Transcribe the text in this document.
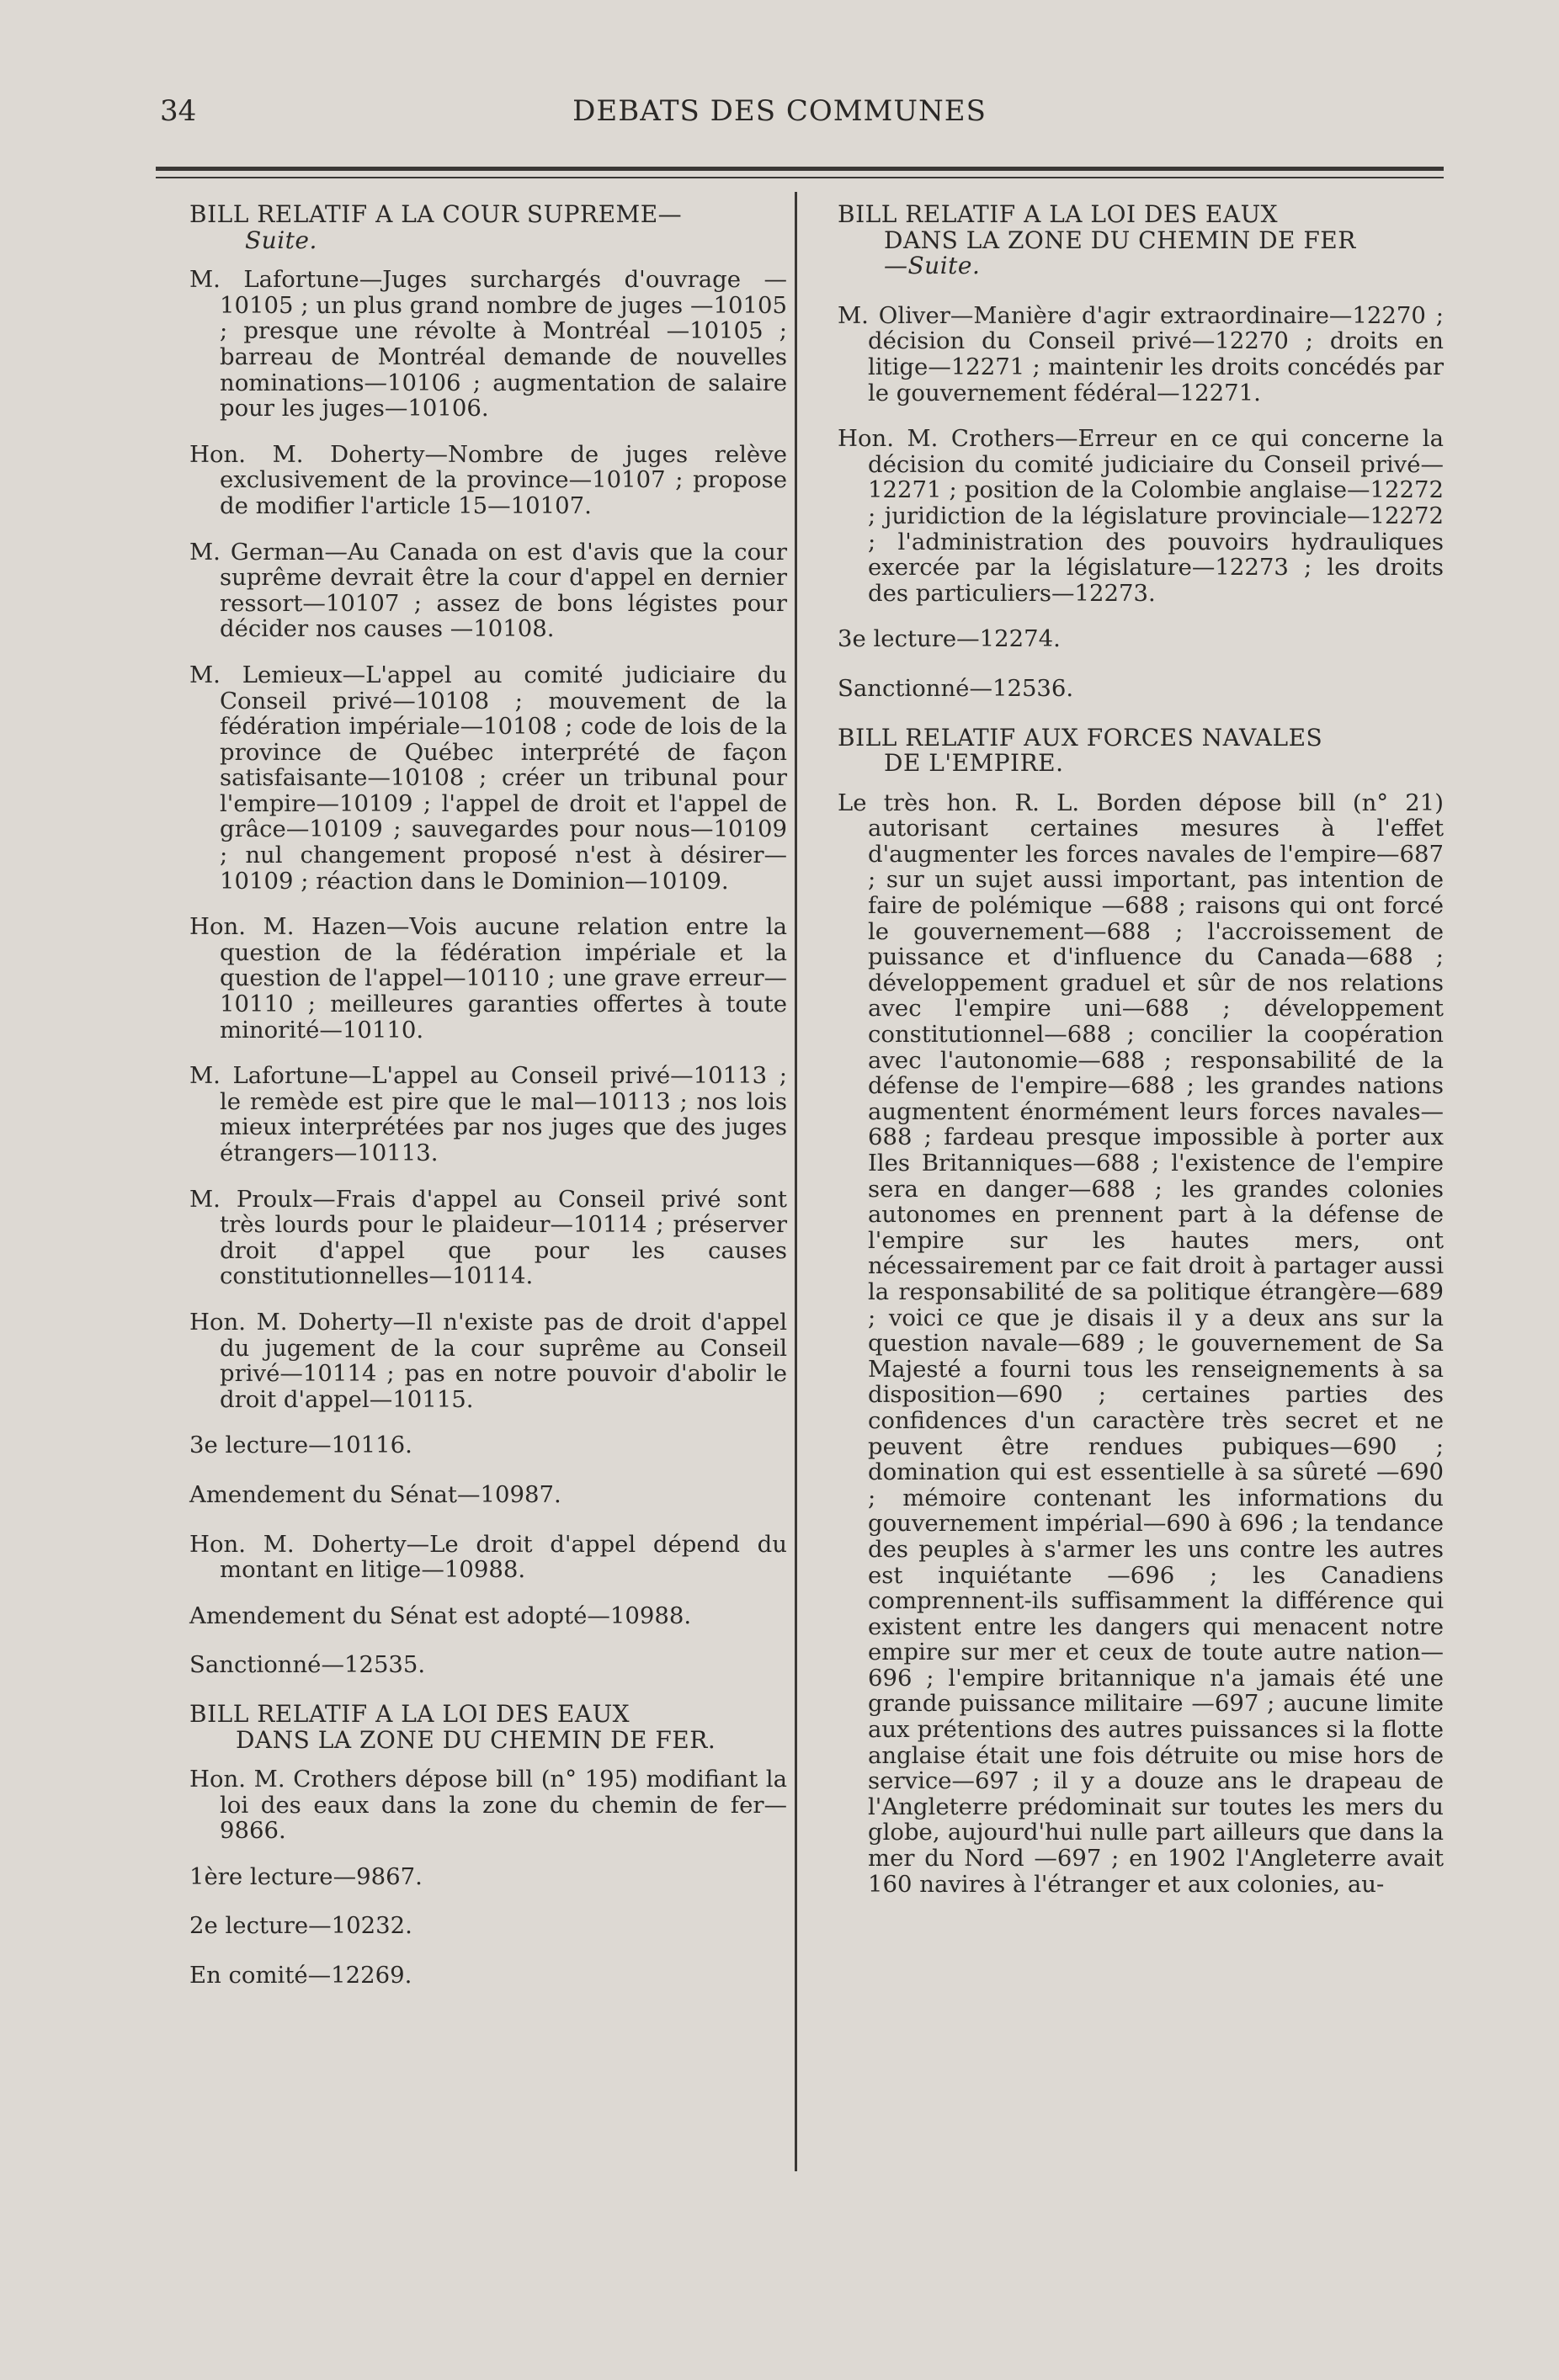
34	DEBATS DES COMMUNES
BILL RELATIF A LA COUR SUPREME—
Suite.

M. Lafortune—Juges surchargés d'ouvrage —10105 ; un plus grand nombre de juges —10105 ; presque une révolte à Montréal —10105 ; barreau de Montréal demande de nouvelles nominations—10106 ; augmentation de salaire pour les juges—10106.

Hon. M. Doherty—Nombre de juges relève exclusivement de la province—10107 ; propose de modifier l'article 15—10107.

M. German—Au Canada on est d'avis que la cour suprême devrait être la cour d'appel en dernier ressort—10107 ; assez de bons légistes pour décider nos causes —10108.

M. Lemieux—L'appel au comité judiciaire du Conseil privé—10108 ; mouvement de la fédération impériale—10108 ; code de lois de la province de Québec interprété de façon satisfaisante—10108 ; créer un tribunal pour l'empire—10109 ; l'appel de droit et l'appel de grâce—10109 ; sauvegardes pour nous—10109 ; nul changement proposé n'est à désirer—10109 ; réaction dans le Dominion—10109.

Hon. M. Hazen—Vois aucune relation entre la question de la fédération impériale et la question de l'appel—10110 ; une grave erreur—10110 ; meilleures garanties offertes à toute minorité—10110.

M. Lafortune—L'appel au Conseil privé—10113 ; le remède est pire que le mal—10113 ; nos lois mieux interprétées par nos juges que des juges étrangers—10113.

M. Proulx—Frais d'appel au Conseil privé sont très lourds pour le plaideur—10114 ; préserver droit d'appel que pour les causes constitutionnelles—10114.

Hon. M. Doherty—Il n'existe pas de droit d'appel du jugement de la cour suprême au Conseil privé—10114 ; pas en notre pouvoir d'abolir le droit d'appel—10115.

3e lecture—10116.

Amendement du Sénat—10987.

Hon. M. Doherty—Le droit d'appel dépend du montant en litige—10988.

Amendement du Sénat est adopté—10988.

Sanctionné—12535.

BILL RELATIF A LA LOI DES EAUX
DANS LA ZONE DU CHEMIN DE FER.

Hon. M. Crothers dépose bill (n° 195) modifiant la loi des eaux dans la zone du chemin de fer—9866.

1ère lecture—9867.

2e lecture—10232.

En comité—12269.

BILL RELATIF A LA LOI DES EAUX
DANS LA ZONE DU CHEMIN DE FER
—Suite.

M. Oliver—Manière d'agir extraordinaire—12270 ; décision du Conseil privé—12270 ; droits en litige—12271 ; maintenir les droits concédés par le gouvernement fédéral—12271.

Hon. M. Crothers—Erreur en ce qui concerne la décision du comité judiciaire du Conseil privé—12271 ; position de la Colombie anglaise—12272 ; juridiction de la législature provinciale—12272 ; l'administration des pouvoirs hydrauliques exercée par la législature—12273 ; les droits des particuliers—12273.

3e lecture—12274.

Sanctionné—12536.

BILL RELATIF AUX FORCES NAVALES
DE L'EMPIRE.

Le très hon. R. L. Borden dépose bill (n° 21) autorisant certaines mesures à l'effet d'augmenter les forces navales de l'empire—687 ; sur un sujet aussi important, pas intention de faire de polémique —688 ; raisons qui ont forcé le gouvernement—688 ; l'accroissement de puissance et d'influence du Canada—688 ; développement graduel et sûr de nos relations avec l'empire uni—688 ; développement constitutionnel—688 ; concilier la coopération avec l'autonomie—688 ; responsabilité de la défense de l'empire—688 ; les grandes nations augmentent énormément leurs forces navales—688 ; fardeau presque impossible à porter aux Iles Britanniques—688 ; l'existence de l'empire sera en danger—688 ; les grandes colonies autonomes en prennent part à la défense de l'empire sur les hautes mers, ont nécessairement par ce fait droit à partager aussi la responsabilité de sa politique étrangère—689 ; voici ce que je disais il y a deux ans sur la question navale—689 ; le gouvernement de Sa Majesté a fourni tous les renseignements à sa disposition—690 ; certaines parties des confidences d'un caractère très secret et ne peuvent être rendues pubiques—690 ; domination qui est essentielle à sa sûreté —690 ; mémoire contenant les informations du gouvernement impérial—690 à 696 ; la tendance des peuples à s'armer les uns contre les autres est inquiétante —696 ; les Canadiens comprennent-ils suffisamment la différence qui existent entre les dangers qui menacent notre empire sur mer et ceux de toute autre nation—696 ; l'empire britannique n'a jamais été une grande puissance militaire —697 ; aucune limite aux prétentions des autres puissances si la flotte anglaise était une fois détruite ou mise hors de service—697 ; il y a douze ans le drapeau de l'Angleterre prédominait sur toutes les mers du globe, aujourd'hui nulle part ailleurs que dans la mer du Nord —697 ; en 1902 l'Angleterre avait 160 navires à l'étranger et aux colonies, au-
